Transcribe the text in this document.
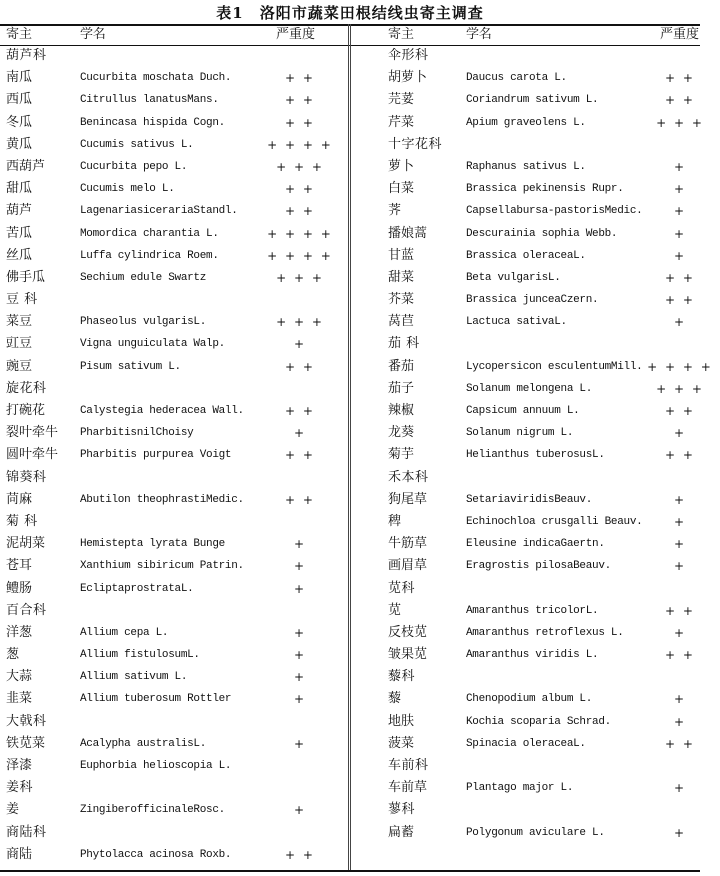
表1　洛阳市蔬菜田根结线虫寄主调查
寄主	学名	严重度
葫芦科
南瓜	Cucurbita moschata Duch.	+ +
西瓜	Citrullus lanatusMans.	+ +
冬瓜	Benincasa hispida Cogn.	+ +
黄瓜	Cucumis sativus L.	+ + + +
西葫芦	Cucurbita pepo L.	+ + +
甜瓜	Cucumis melo L.	+ +
葫芦	LagenariasicerariaStandl.	+ +
苦瓜	Momordica charantia L.	+ + + +
丝瓜	Luffa cylindrica Roem.	+ + + +
佛手瓜	Sechium edule Swartz	+ + +
豆 科
菜豆	Phaseolus vulgarisL.	+ + +
豇豆	Vigna unguiculata Walp.	+
豌豆	Pisum sativum L.	+ +
旋花科
打碗花	Calystegia hederacea Wall.	+ +
裂叶牵牛 PharbitisnilChoisy	+
圆叶牵牛 Pharbitis purpurea Voigt	+ +
锦葵科
苘麻	Abutilon theophrastiMedic.	+ +
菊 科
泥胡菜	Hemistepta lyrata Bunge	+
苍耳	Xanthium sibiricum Patrin.	+
鳢肠	EcliptaprostrataL.	+
百合科
洋葱	Allium cepa L.	+
葱	Allium fistulosumL.	+
大蒜	Allium sativum L.	+
韭菜	Allium tuberosum Rottler	+
大戟科
铁苋菜	Acalypha australisL.	+
泽漆	Euphorbia helioscopia L.
姜科
姜	ZingiberofficinaleRosc.	+
商陆科
商陆	Phytolacca acinosa Roxb.	+ +
寄主	学名	严重度
伞形科
胡萝卜	Daucus carota L.	+ +
芫荽	Coriandrum sativum L.	+ +
芹菜	Apium graveolens L.	+ + +
十字花科
萝卜	Raphanus sativus L.	+
白菜	Brassica pekinensis Rupr.	+
荠	Capsellabursa-pastorisMedic.	+
播娘蒿	Descurainia sophia Webb.	+
甘蓝	Brassica oleraceaL.	+
甜菜	Beta vulgarisL.	+ +
芥菜	Brassica junceaCzern.	+ +
莴苣	Lactuca sativaL.	+
茄 科
番茄	Lycopersicon esculentumMill. + + + +
茄子	Solanum melongena L.	+ + +
辣椒	Capsicum annuum L.	+ +
龙葵	Solanum nigrum L.	+
菊芋	Helianthus tuberosusL.	+ +
禾本科
狗尾草	SetariaviridisBeauv.	+
稗	Echinochloa crusgalli Beauv.	+
牛筋草	Eleusine indicaGaertn.	+
画眉草	Eragrostis pilosaBeauv.	+
苋科
苋	Amaranthus tricolorL.	+ +
反枝苋	Amaranthus retroflexus L.	+
皱果苋	Amaranthus viridis L.	+ +
藜科
藜	Chenopodium album L.	+
地肤	Kochia scoparia Schrad.	+
菠菜	Spinacia oleraceaL.	+ +
车前科
车前草	Plantago major L.	+
蓼科
扁蓄	Polygonum aviculare L.	+
